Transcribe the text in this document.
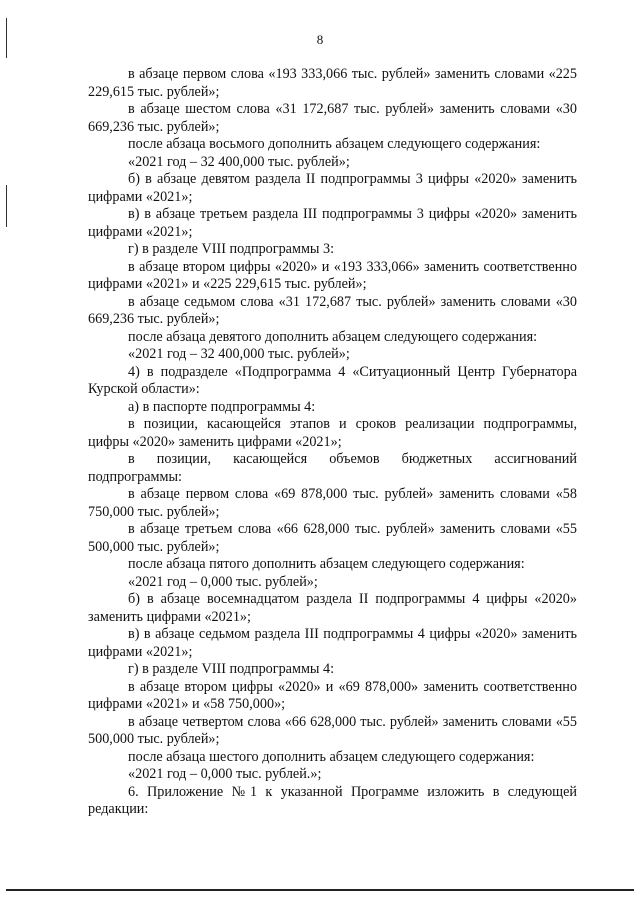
8

в абзаце первом слова «193 333,066 тыс. рублей» заменить словами «225 229,615 тыс. рублей»;

в абзаце шестом слова «31 172,687 тыс. рублей» заменить словами «30 669,236 тыс. рублей»;

после абзаца восьмого дополнить абзацем следующего содержания:

«2021 год – 32 400,000 тыс. рублей»;

б) в абзаце девятом раздела II подпрограммы 3 цифры «2020» заменить цифрами «2021»;

в) в абзаце третьем раздела III подпрограммы 3 цифры «2020» заменить цифрами «2021»;

г) в разделе VIII подпрограммы 3:

в абзаце втором цифры «2020» и «193 333,066» заменить соответственно цифрами «2021» и «225 229,615 тыс. рублей»;

в абзаце седьмом слова «31 172,687 тыс. рублей» заменить словами «30 669,236 тыс. рублей»;

после абзаца девятого дополнить абзацем следующего содержания:

«2021 год – 32 400,000 тыс. рублей»;

4) в подразделе «Подпрограмма 4 «Ситуационный Центр Губернатора Курской области»:

а) в паспорте подпрограммы 4:

в позиции, касающейся этапов и сроков реализации подпрограммы, цифры «2020» заменить цифрами «2021»;

в позиции, касающейся объемов бюджетных ассигнований подпрограммы:

в абзаце первом слова «69 878,000 тыс. рублей» заменить словами «58 750,000 тыс. рублей»;

в абзаце третьем слова «66 628,000 тыс. рублей» заменить словами «55 500,000 тыс. рублей»;

после абзаца пятого дополнить абзацем следующего содержания:

«2021 год – 0,000 тыс. рублей»;

б) в абзаце восемнадцатом раздела II подпрограммы 4 цифры «2020» заменить цифрами «2021»;

в) в абзаце седьмом раздела III подпрограммы 4 цифры «2020» заменить цифрами «2021»;

г) в разделе VIII подпрограммы 4:

в абзаце втором цифры «2020» и «69 878,000» заменить соответственно цифрами «2021» и «58 750,000»;

в абзаце четвертом слова «66 628,000 тыс. рублей» заменить словами «55 500,000 тыс. рублей»;

после абзаца шестого дополнить абзацем следующего содержания:

«2021 год – 0,000 тыс. рублей.»;

6. Приложение №1 к указанной Программе изложить в следующей редакции:
